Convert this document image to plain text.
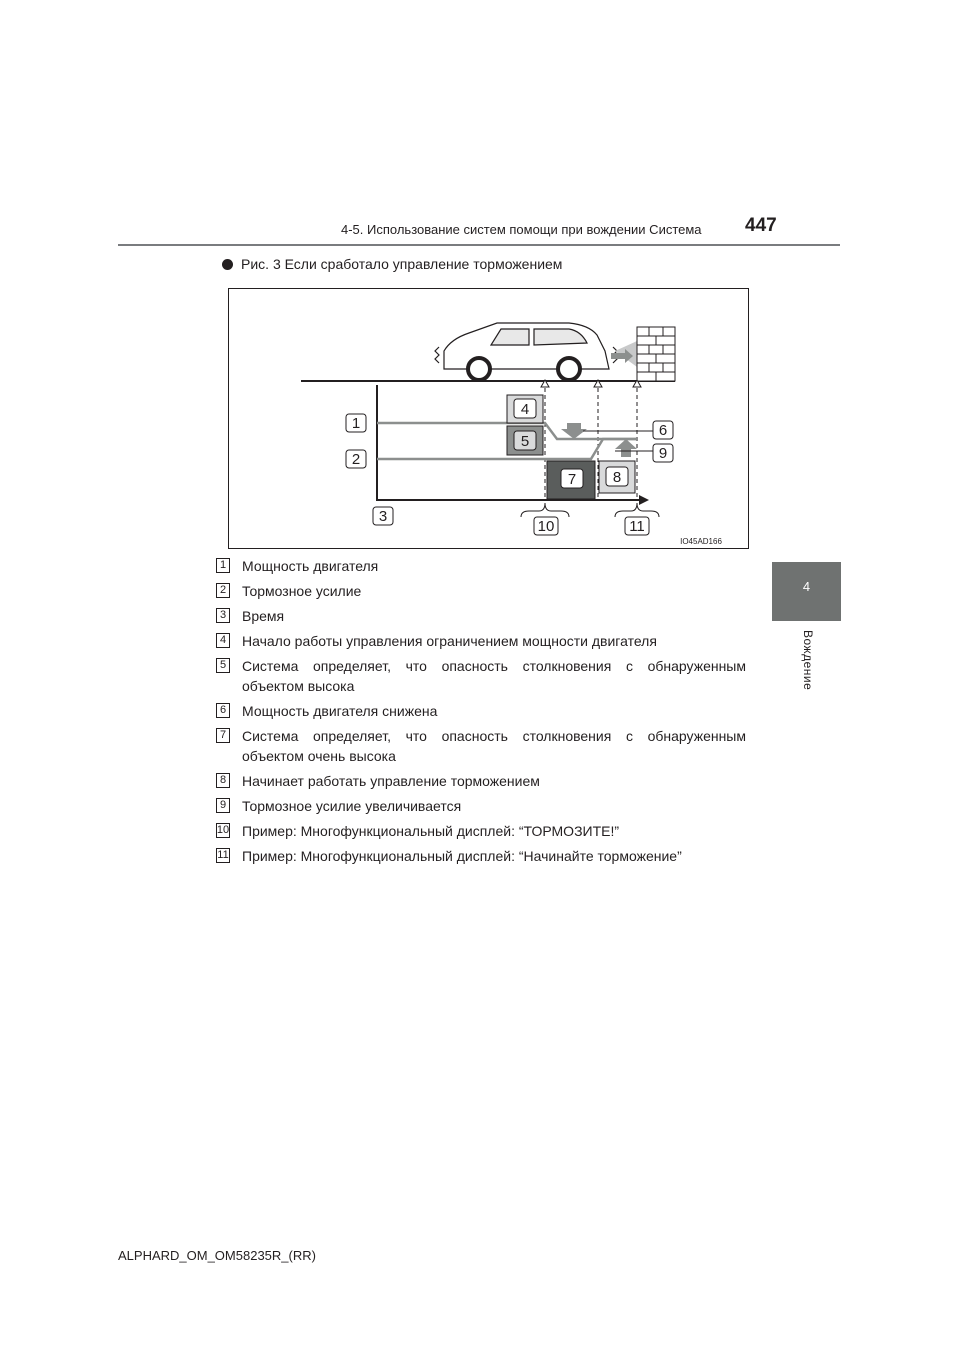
4-5. Использование систем помощи при вождении Система 447
4
Вождение
Рис. 3 Если сработало управление торможением
1
2
3
4
5
6
7 8
9
10	11
IO45AD166
1 Мощность двигателя
2 Тормозное усилие
3 Время
4 Начало работы управления ограничением мощности двигателя
5 Система определяет, что опасность столкновения с обнаруженным объектом высока
6 Мощность двигателя снижена
7 Система определяет, что опасность столкновения с обнаруженным объектом очень высока
8 Начинает работать управление торможением
9 Тормозное усилие увеличивается
10 Пример: Многофункциональный дисплей: “ТОРМОЗИТЕ!”
11 Пример: Многофункциональный дисплей: “Начинайте торможение”
ALPHARD_OM_OM58235R_(RR)
